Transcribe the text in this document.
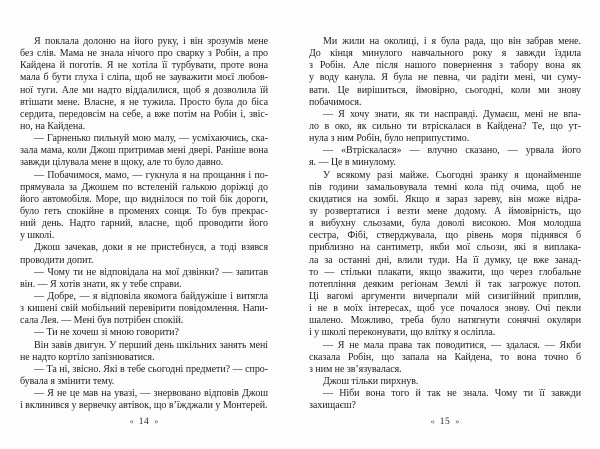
Я поклала долоню на його руку, і він зрозумів мене
без слів. Мама не знала нічого про сварку з Робін, а про
Кайдена й поготів. Я не хотіла її турбувати, проте вона
мала б бути глуха і сліпа, щоб не зауважити моєї любов-
ної туги. Але ми надто віддалилися, щоб я дозволила їй
втішати мене. Власне, я не тужила. Просто була до біса
сердита, передовсім на себе, а вже потім на Робін і, звіс-
но, на Кайдена.
— Гарненько пильнуй мою малу, — усміхаючись, ска-
зала мама, коли Джош притримав мені двері. Раніше вона
завжди цілувала мене в щоку, але то було давно.
— Побачимося, мамо, — гукнула я на прощання і по-
прямувала за Джошем по встеленій галькою доріжці до
його автомобіля. Море, що виднілося по той бік дороги,
було геть спокійне в променях сонця. То був прекрас-
ний день. Надто гарний, власне, щоб проводити його
у школі.
Джош зачекав, доки я не пристебнуся, а тоді взявся
проводити допит.
— Чому ти не відповідала на мої дзвінки? — запитав
він. — Я хотів знати, як у тебе справи.
— Добре, — я відповіла якомога байдужіше і витягла
з кишені свій мобільний перевірити повідомлення. Напи-
сала Лея. — Мені був потрібен спокій.
— Ти не хочеш зі мною говорити?
Він завів двигун. У перший день шкільних занять мені
не надто кортіло запізнюватися.
— Та ні, звісно. Які в тебе сьогодні предмети? — спро-
бувала я змінити тему.
— Я не це мав на увазі, — знервовано відповів Джош
і вклинився у вервечку автівок, що в’їжджали у Монтерей.
« 14 »
Ми жили на околиці, і я була рада, що він забрав мене.
До кінця минулого навчального року я завжди їздила
з Робін. Але після нашого повернення з табору вона як
у воду канула. Я була не певна, чи радіти мені, чи суму-
вати. Це вирішиться, ймовірно, сьогодні, коли ми знову
побачимося.
— Я хочу знати, як ти насправді. Думаєш, мені не впа-
ло в око, як сильно ти втріскалася в Кайдена? Те, що ут-
нула з ним Робін, було неприпустимо.
— «Втріскалася» — влучно сказано, — урвала його
я. — Це в минулому.
У всякому разі майже. Сьогодні зранку я щонайменше
пів години замальовувала темні кола під очима, щоб не
скидатися на зомбі. Якщо я зараз зареву, він може відра-
зу розвертатися і везти мене додому. А ймовірність, що
я вибухну сльозами, була доволі високою. Моя молодша
сестра, Фібі, стверджувала, що рівень моря піднявся б
приблизно на сантиметр, якби мої сльози, які я виплака-
ла за останні дні, влили туди. На її думку, це вже занад-
то — стільки плакати, якщо зважити, що через глобальне
потепління деяким регіонам Землі й так загрожує потоп.
Ці вагомі аргументи вичерпали мій сизигійний приплив,
і не в моїх інтересах, щоб усе почалося знову. Очі пекли
шалено. Можливо, треба було натягнути сонячні окуляри
і у школі переконувати, що влітку я осліпла.
— Я не мала права так поводитися, — здалася. — Якби
сказала Робін, що запала на Кайдена, то вона точно б
з ним не зв’язувалася.
Джош тільки пирхнув.
— Ніби вона того й так не знала. Чому ти її завжди
захищаєш?
« 15 »
